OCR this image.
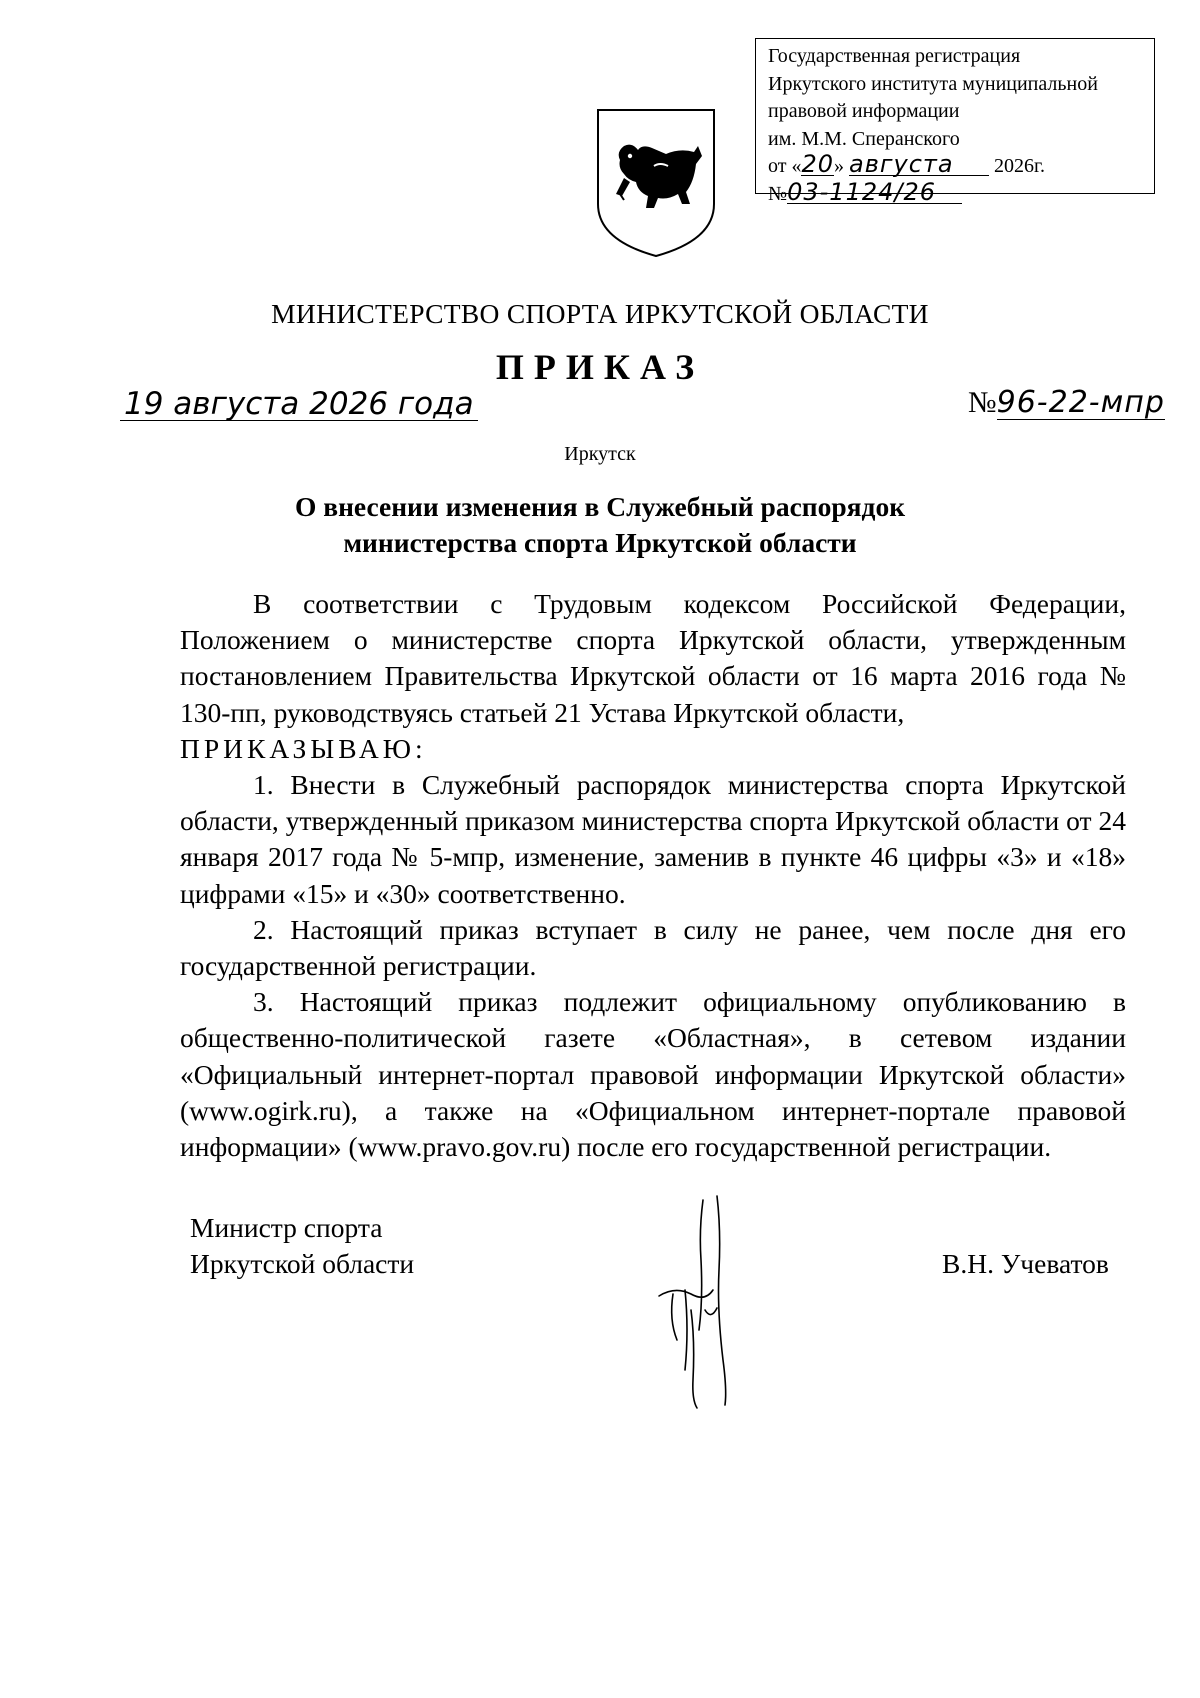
Государственная регистрация
Иркутского института муниципальной
правовой информации
им. М.М. Сперанского
от «20» августа 2026г.
№03-1124/26
МИНИСТЕРСТВО СПОРТА ИРКУТСКОЙ ОБЛАСТИ
ПРИКАЗ
19 августа 2026 года	№96-22-мпр
Иркутск
О внесении изменения в Служебный распорядок
министерства спорта Иркутской области

В соответствии с Трудовым кодексом Российской Федерации, Положением о министерстве спорта Иркутской области, утвержденным постановлением Правительства Иркутской области от 16 марта 2016 года № 130-пп, руководствуясь статьей 21 Устава Иркутской области,

ПРИКАЗЫВАЮ:

1. Внести в Служебный распорядок министерства спорта Иркутской области, утвержденный приказом министерства спорта Иркутской области от 24 января 2017 года № 5-мпр, изменение, заменив в пункте 46 цифры «3» и «18» цифрами «15» и «30» соответственно.

2. Настоящий приказ вступает в силу не ранее, чем после дня его государственной регистрации.

3. Настоящий приказ подлежит официальному опубликованию в общественно-политической газете «Областная», в сетевом издании «Официальный интернет-портал правовой информации Иркутской области» (www.ogirk.ru), а также на «Официальном интернет-портале правовой информации» (www.pravo.gov.ru) после его государственной регистрации.

Министр спорта
Иркутской области	В.Н. Учеватов
